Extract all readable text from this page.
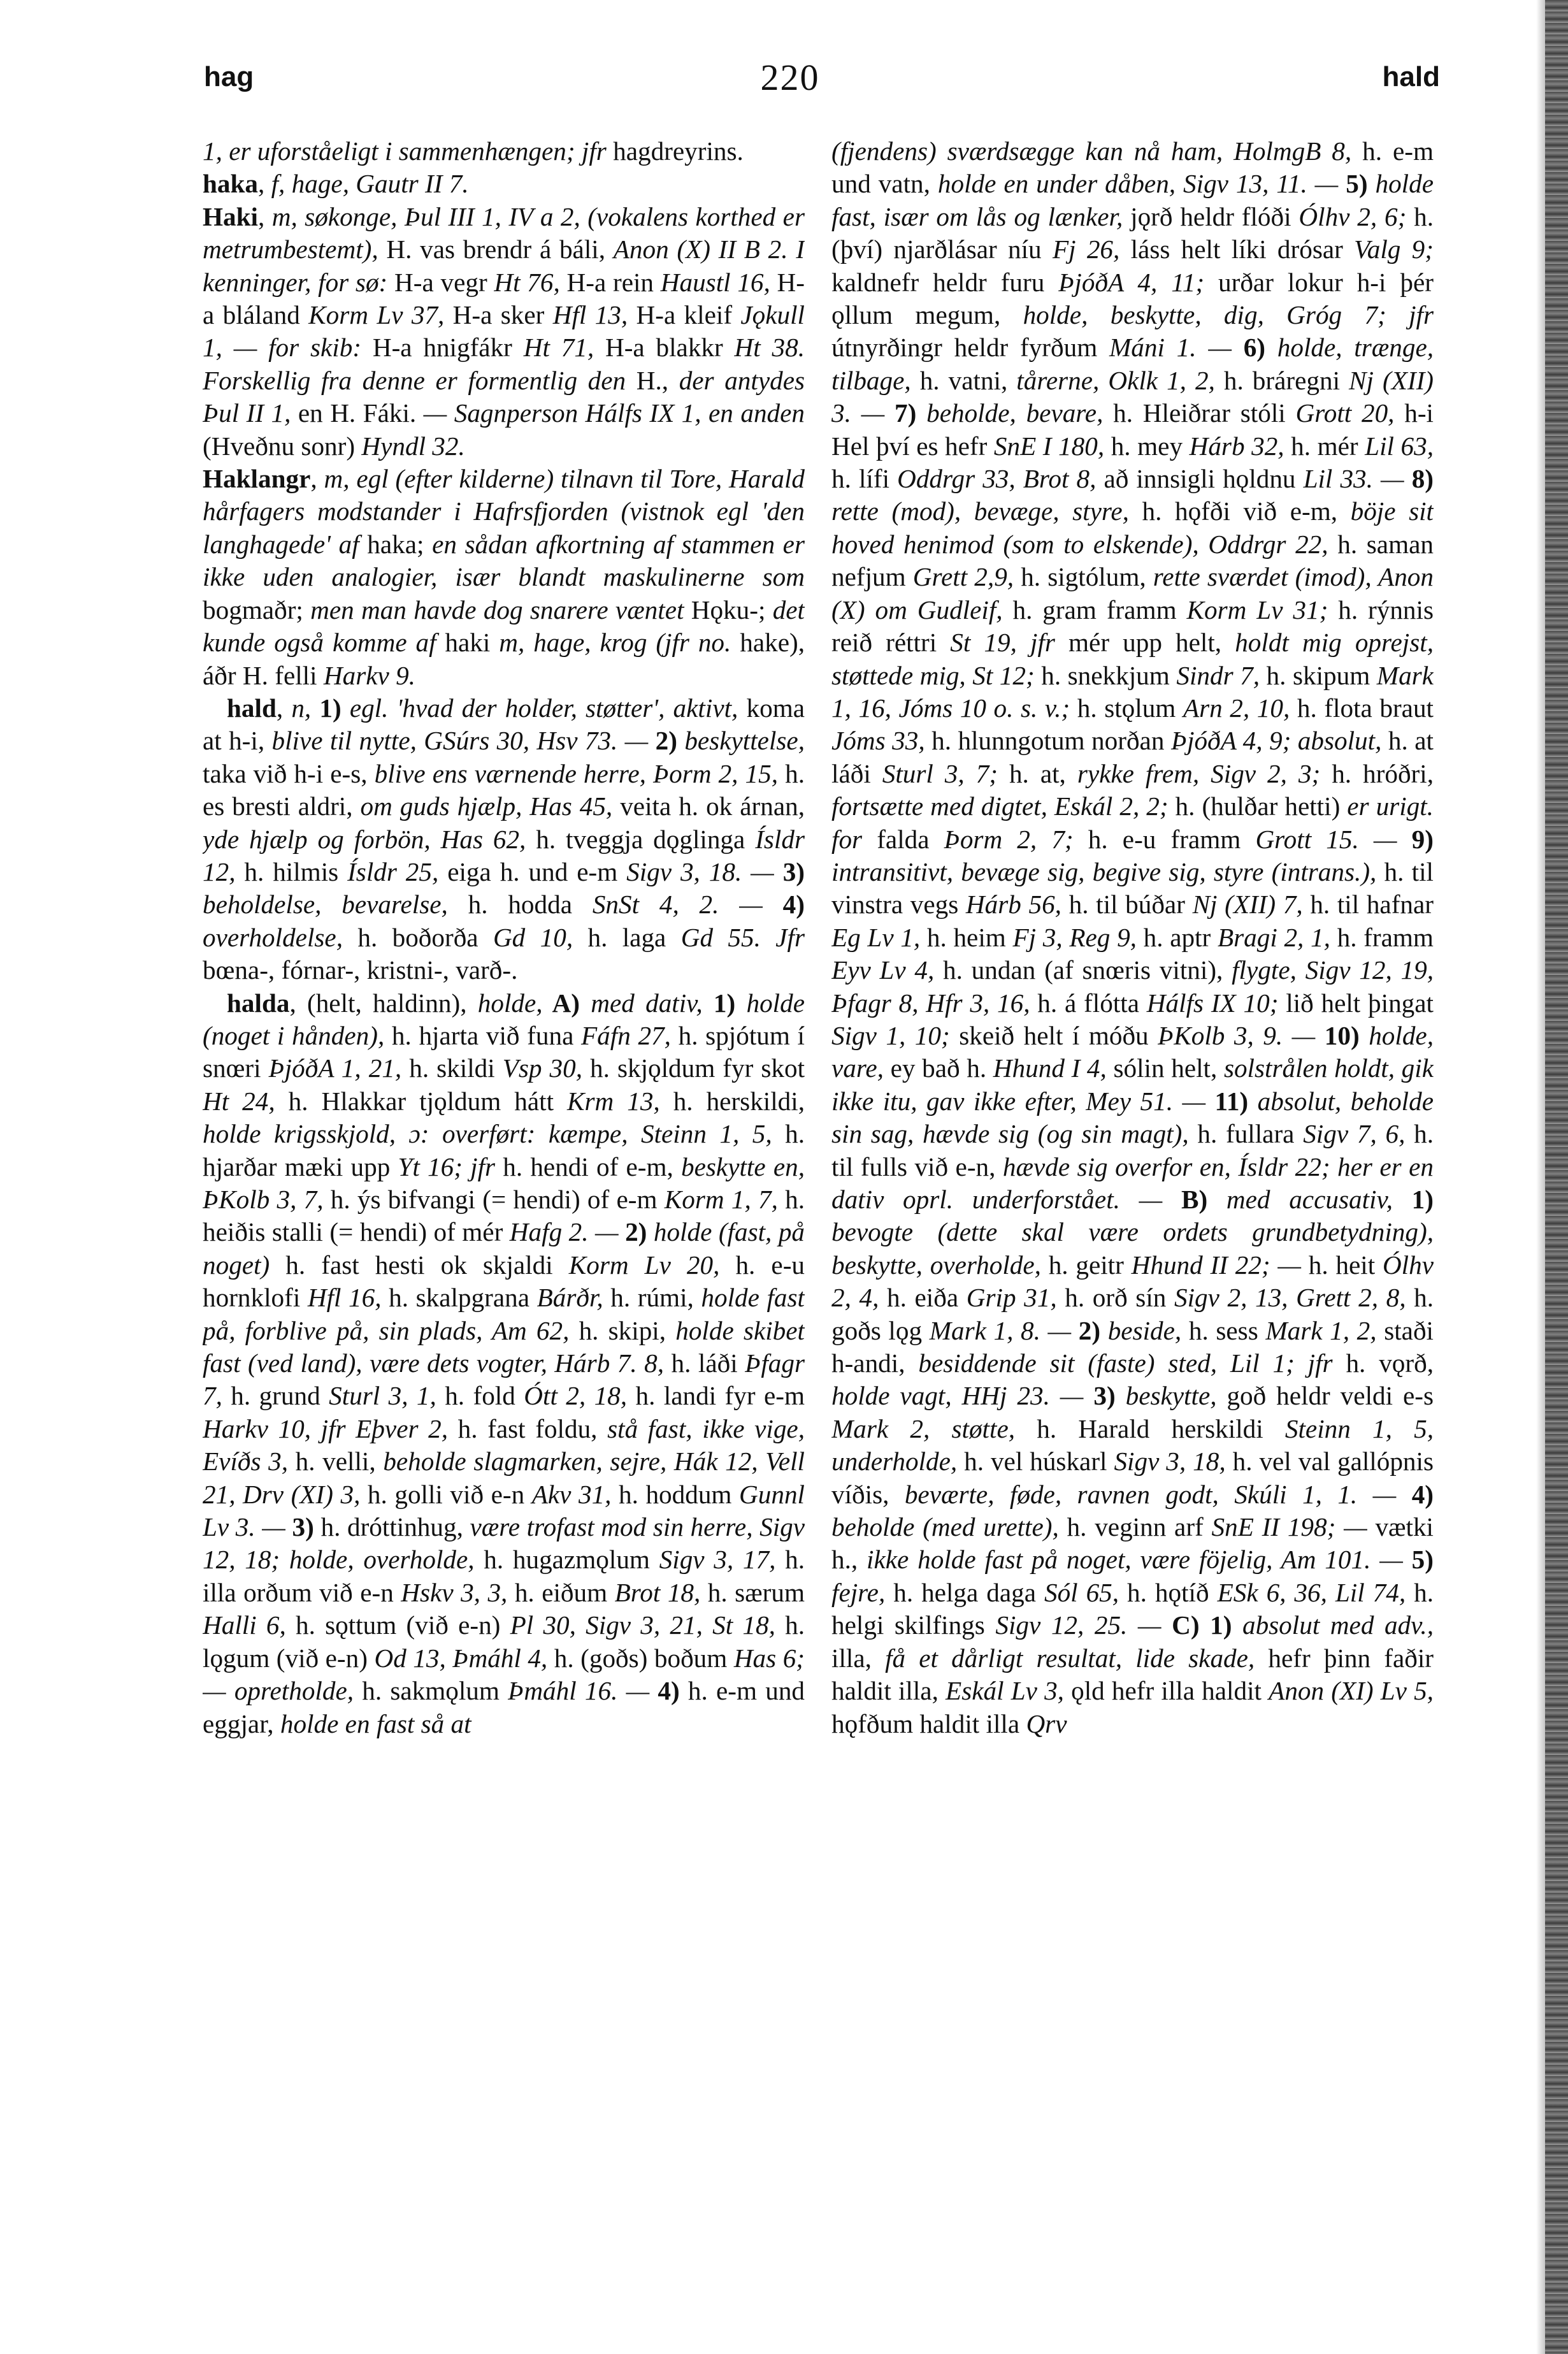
hag	220	hald

1, er uforståeligt i sammenhængen; jfr hagdreyrins.

haka, f, hage, Gautr II 7.

Haki, m, søkonge, Þul III 1, IV a 2, (vokalens korthed er metrumbestemt), H. vas brendr á báli, Anon (X) II B 2. I kenninger, for sø: H-a vegr Ht 76, H-a rein Haustl 16, H-a bláland Korm Lv 37, H-a sker Hfl 13, H-a kleif Jǫkull 1, — for skib: H-a hnigfákr Ht 71, H-a blakkr Ht 38. Forskellig fra denne er formentlig den H., der antydes Þul II 1, en H. Fáki. — Sagnperson Hálfs IX 1, en anden (Hveðnu sonr) Hyndl 32.

Haklangr, m, egl (efter kilderne) tilnavn til Tore, Harald hårfagers modstander i Hafrsfjorden (vistnok egl 'den langhagede' af haka; en sådan afkortning af stammen er ikke uden analogier, især blandt maskulinerne som bogmaðr; men man havde dog snarere væntet Hǫku-; det kunde også komme af haki m, hage, krog (jfr no. hake), áðr H. felli Harkv 9.

hald, n, 1) egl. 'hvad der holder, støtter', aktivt, koma at h-i, blive til nytte, GSúrs 30, Hsv 73. — 2) beskyttelse, taka við h-i e-s, blive ens værnende herre, Þorm 2, 15, h. es bresti aldri, om guds hjælp, Has 45, veita h. ok árnan, yde hjælp og forbön, Has 62, h. tveggja dǫglinga Ísldr 12, h. hilmis Ísldr 25, eiga h. und e-m Sigv 3, 18. — 3) beholdelse, bevarelse, h. hodda SnSt 4, 2. — 4) overholdelse, h. boðorða Gd 10, h. laga Gd 55. Jfr bœna-, fórnar-, kristni-, varð-.

halda, (helt, haldinn), holde, A) med dativ, 1) holde (noget i hånden), h. hjarta við funa Fáfn 27, h. spjótum í snœri ÞjóðA 1, 21, h. skildi Vsp 30, h. skjǫldum fyr skot Ht 24, h. Hlakkar tjǫldum hátt Krm 13, h. herskildi, holde krigsskjold, ɔ: overført: kæmpe, Steinn 1, 5, h. hjarðar mæki upp Yt 16; jfr h. hendi of e-m, beskytte en, ÞKolb 3, 7, h. ýs bifvangi (= hendi) of e-m Korm 1, 7, h. heiðis stalli (= hendi) of mér Hafg 2. — 2) holde (fast, på noget) h. fast hesti ok skjaldi Korm Lv 20, h. e-u hornklofi Hfl 16, h. skalpgrana Bárðr, h. rúmi, holde fast på, forblive på, sin plads, Am 62, h. skipi, holde skibet fast (ved land), være dets vogter, Hárb 7. 8, h. láði Þfagr 7, h. grund Sturl 3, 1, h. fold Ótt 2, 18, h. landi fyr e-m Harkv 10, jfr Eþver 2, h. fast foldu, stå fast, ikke vige, Evíðs 3, h. velli, beholde slagmarken, sejre, Hák 12, Vell 21, Drv (XI) 3, h. golli við e-n Akv 31, h. hoddum Gunnl Lv 3. — 3) h. dróttinhug, være trofast mod sin herre, Sigv 12, 18; holde, overholde, h. hugazmǫlum Sigv 3, 17, h. illa orðum við e-n Hskv 3, 3, h. eiðum Brot 18, h. særum Halli 6, h. sǫttum (við e-n) Pl 30, Sigv 3, 21, St 18, h. lǫgum (við e-n) Od 13, Þmáhl 4, h. (goðs) boðum Has 6; — opretholde, h. sakmǫlum Þmáhl 16. — 4) h. e-m und eggjar, holde en fast så at

(fjendens) sværdsægge kan nå ham, HolmgB 8, h. e-m und vatn, holde en under dåben, Sigv 13, 11. — 5) holde fast, især om lås og lænker, jǫrð heldr flóði Ólhv 2, 6; h. (því) njarðlásar níu Fj 26, láss helt líki drósar Valg 9; kaldnefr heldr furu ÞjóðA 4, 11; urðar lokur h-i þér ǫllum megum, holde, beskytte, dig, Gróg 7; jfr útnyrðingr heldr fyrðum Máni 1. — 6) holde, trænge, tilbage, h. vatni, tårerne, Oklk 1, 2, h. bráregni Nj (XII) 3. — 7) beholde, bevare, h. Hleiðrar stóli Grott 20, h-i Hel því es hefr SnE I 180, h. mey Hárb 32, h. mér Lil 63, h. lífi Oddrgr 33, Brot 8, að innsigli hǫldnu Lil 33. — 8) rette (mod), bevæge, styre, h. hǫfði við e-m, böje sit hoved henimod (som to elskende), Oddrgr 22, h. saman nefjum Grett 2,9, h. sigtólum, rette sværdet (imod), Anon (X) om Gudleif, h. gram framm Korm Lv 31; h. rýnnis reið réttri St 19, jfr mér upp helt, holdt mig oprejst, støttede mig, St 12; h. snekkjum Sindr 7, h. skipum Mark 1, 16, Jóms 10 o. s. v.; h. stǫlum Arn 2, 10, h. flota braut Jóms 33, h. hlunngotum norðan ÞjóðA 4, 9; absolut, h. at láði Sturl 3, 7; h. at, rykke frem, Sigv 2, 3; h. hróðri, fortsætte med digtet, Eskál 2, 2; h. (hulðar hetti) er urigt. for falda Þorm 2, 7; h. e-u framm Grott 15. — 9) intransitivt, bevæge sig, begive sig, styre (intrans.), h. til vinstra vegs Hárb 56, h. til búðar Nj (XII) 7, h. til hafnar Eg Lv 1, h. heim Fj 3, Reg 9, h. aptr Bragi 2, 1, h. framm Eyv Lv 4, h. undan (af snœris vitni), flygte, Sigv 12, 19, Þfagr 8, Hfr 3, 16, h. á flótta Hálfs IX 10; lið helt þingat Sigv 1, 10; skeið helt í móðu ÞKolb 3, 9. — 10) holde, vare, ey bað h. Hhund I 4, sólin helt, solstrålen holdt, gik ikke itu, gav ikke efter, Mey 51. — 11) absolut, beholde sin sag, hævde sig (og sin magt), h. fullara Sigv 7, 6, h. til fulls við e-n, hævde sig overfor en, Ísldr 22; her er en dativ oprl. underforstået. — B) med accusativ, 1) bevogte (dette skal være ordets grundbetydning), beskytte, overholde, h. geitr Hhund II 22; — h. heit Ólhv 2, 4, h. eiða Grip 31, h. orð sín Sigv 2, 13, Grett 2, 8, h. goðs lǫg Mark 1, 8. — 2) beside, h. sess Mark 1, 2, staði h-andi, besiddende sit (faste) sted, Lil 1; jfr h. vǫrð, holde vagt, HHj 23. — 3) beskytte, goð heldr veldi e-s Mark 2, støtte, h. Harald herskildi Steinn 1, 5, underholde, h. vel húskarl Sigv 3, 18, h. vel val gallópnis víðis, beværte, føde, ravnen godt, Skúli 1, 1. — 4) beholde (med urette), h. veginn arf SnE II 198; — vætki h., ikke holde fast på noget, være föjelig, Am 101. — 5) fejre, h. helga daga Sól 65, h. hǫtíð ESk 6, 36, Lil 74, h. helgi skilfings Sigv 12, 25. — C) 1) absolut med adv., illa, få et dårligt resultat, lide skade, hefr þinn faðir haldit illa, Eskál Lv 3, ǫld hefr illa haldit Anon (XI) Lv 5, hǫfðum haldit illa Qrv
